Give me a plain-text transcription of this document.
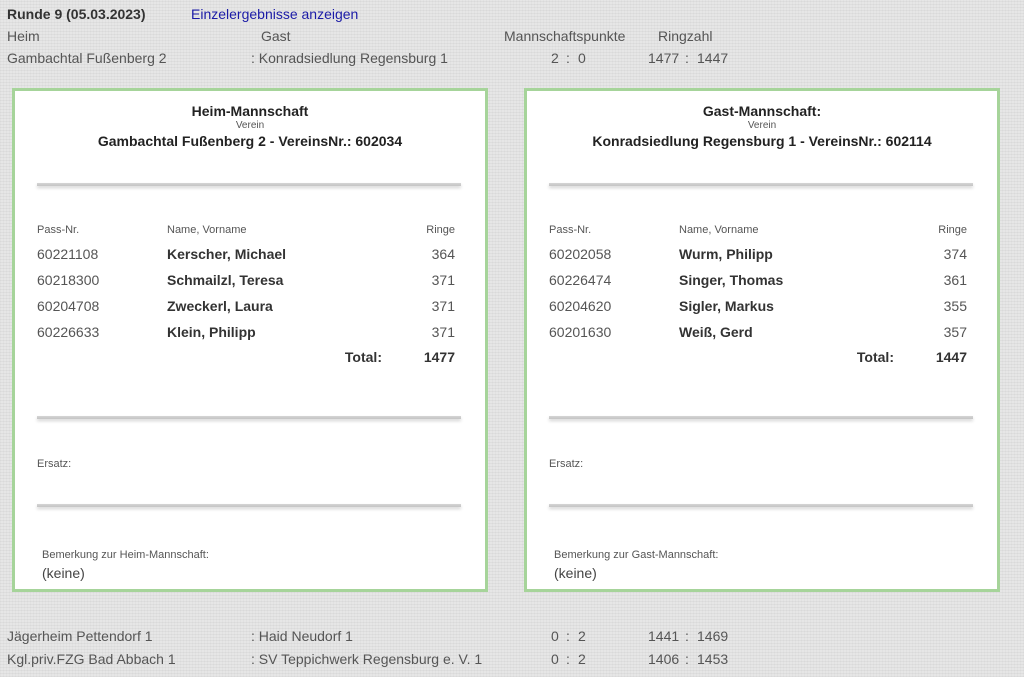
Runde 9 (05.03.2023)	Einzelergebnisse anzeigen
Heim	Gast	Mannschaftspunkte Ringzahl
Gambachtal Fußenberg 2	: Konradsiedlung Regensburg 1	2 : 0	1477 : 1447
Heim-Mannschaft
Verein
Gambachtal Fußenberg 2 - VereinsNr.: 602034
Pass-Nr.	Name, Vorname	Ringe
60221108	Kerscher, Michael	364
60218300	Schmailzl, Teresa	371
60204708	Zweckerl, Laura	371
60226633	Klein, Philipp	371
Total:	1477
Ersatz:
Bemerkung zur Heim-Mannschaft:
(keine)
Gast-Mannschaft:
Verein
Konradsiedlung Regensburg 1 - VereinsNr.: 602114
Pass-Nr.	Name, Vorname	Ringe
60202058	Wurm, Philipp	374
60226474	Singer, Thomas	361
60204620	Sigler, Markus	355
60201630	Weiß, Gerd	357
Total:	1447
Ersatz:
Bemerkung zur Gast-Mannschaft:
(keine)
Jägerheim Pettendorf 1	: Haid Neudorf 1	0 : 2	1441 : 1469
Kgl.priv.FZG Bad Abbach 1	: SV Teppichwerk Regensburg e. V. 1	0 : 2	1406 : 1453
